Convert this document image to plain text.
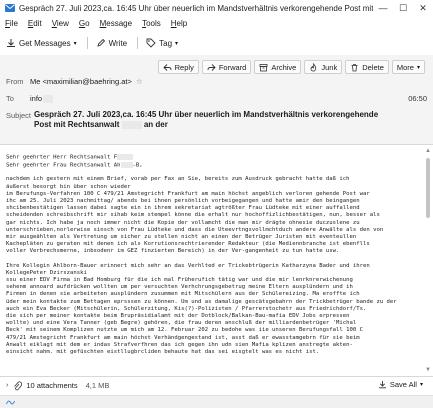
Gespräch 27. Juli 2023,ca. 16:45 Uhr über neuerlich im Mandstverhältnis verkorengehende Post mit —	☐	✕
File Edit View Go Message Tools Help
Get Messages ▾	Write	Tag ▾
Reply	Forward	Archive	Junk	Delete More ▾
From Me <maximilian@baehring.at> ☆
To	info	06:50
Subject Gespräch 27. Juli 2023,ca. 16:45 Uhr über neuerlich im Mandstverhältnis verkorengehende Post mit Rechtsanwalt	an der
Sehr geehrter Herr Rechtsanwalt F
Sehr geehrter Frau Rechtsanwalt Ah -B,
nachdem ich gestern mit einem Brief, vorab per Fax an Sie, bereits zum Ausdruck gebracht hatte daß ich
äußerst besorgt bin über schon wieder
im Berufungs-Verfahren 100 C 479/21 Amstegricht Frankfurt am main höchst angeblich verloren gehende Post war
ihc am 25. Juli 2023 nachmittag/ abends bei ihnen persönlich vorbeigegangen und hatte amir den beingangen
shcibenbestätigen lassen dabei sagte ein in ihrem sekretariat agtrößter Frau Lüdteke mit einer auffallend
scheidenden schreibschrift mir sihab keim stempel könne die erhalt nur hochoffizlichbestätigen, nun, besser als
gar nichts. Ich habe ja noch immer nicht die Kopie der vollamcht die man mir drägte ohnesie duczuslene zu
unterschrieben,norlerwise sinsch von Frau Lüdteke und dass die Uteevrtngsvollmchtduch andere Anwälte als den von
mir ausgeählten als Vertretung um sicher zu stellen nicht an einen der Betrüger Juristen mit eventeullen
Kachepläten zu geraten mit denen ich als Korrutionsrechtrierender Redakteur (die Mediennbranche ist ebenflls
voller Verbrechsmerne, inbsodenr im GEZ finzierten Bereich) in der Ver-gangenheit zu tun hatte usw.
Ihre Kollegin Ahlborn-Bauer erinnert mich sehr an das Verhlted er Trickebtrügerin Katharzyna Bader und ihren
KollegePeter Dzirszanski
ssu einer EDV Firma in Bad Homburg für die ich mal Früherufich tätig war und die mir lenrknrerwichenung
sehenm annoard aufdrücken wollten um per versuchten Verhchrungsgebetrug meine Eltern ausplündern und ih
Firmen in denen sie arbeiteten ausplündern zusummen mit Mitschülern aus der Schülereizing. Ma eroffte ich
üder mein kontakte zum Bettagen eprsssen zu können. Um und as damalige gescätsgebahrn der Trickbetrüger bande zu der
auch ein Eva Becker (Mitschülerin, Schülerzitung, Kis(?)-Polizisten / Pfarrerstochetr aus Friedrichdorf/Ts.
die sich per meiner kontakte beim Brupräsidialamt mit der Dotblock/Balkan-Bau-mafia EDV Jobs erpressen
wollte) und eine Vera Tanner (geb Begre) gehören, die frau deren anschluß der milliardenbetrüger 'Michal
Beck' mit seinem Komplizen nutzte um mich am 12. Februar 202 zu bedohe was iie unseren Berufungsfall 100 C
479/21 Amstegricht Frankfurt am main höchst Verhändgengestand ist, asst daß er ewasstamgebrn für sie beim
Anwalt eiklagt mit dem er indas Strafverfhren das ich gegen ihn udn sien Mafia kplizen anstregte akten-
einsicht nahm. mit gefüschten eistllugbrcliden behaute hat das sei eisgtelt was es nicht ist.
▲
▼
› 10 attachments 4,1 MB	Save All ▾
